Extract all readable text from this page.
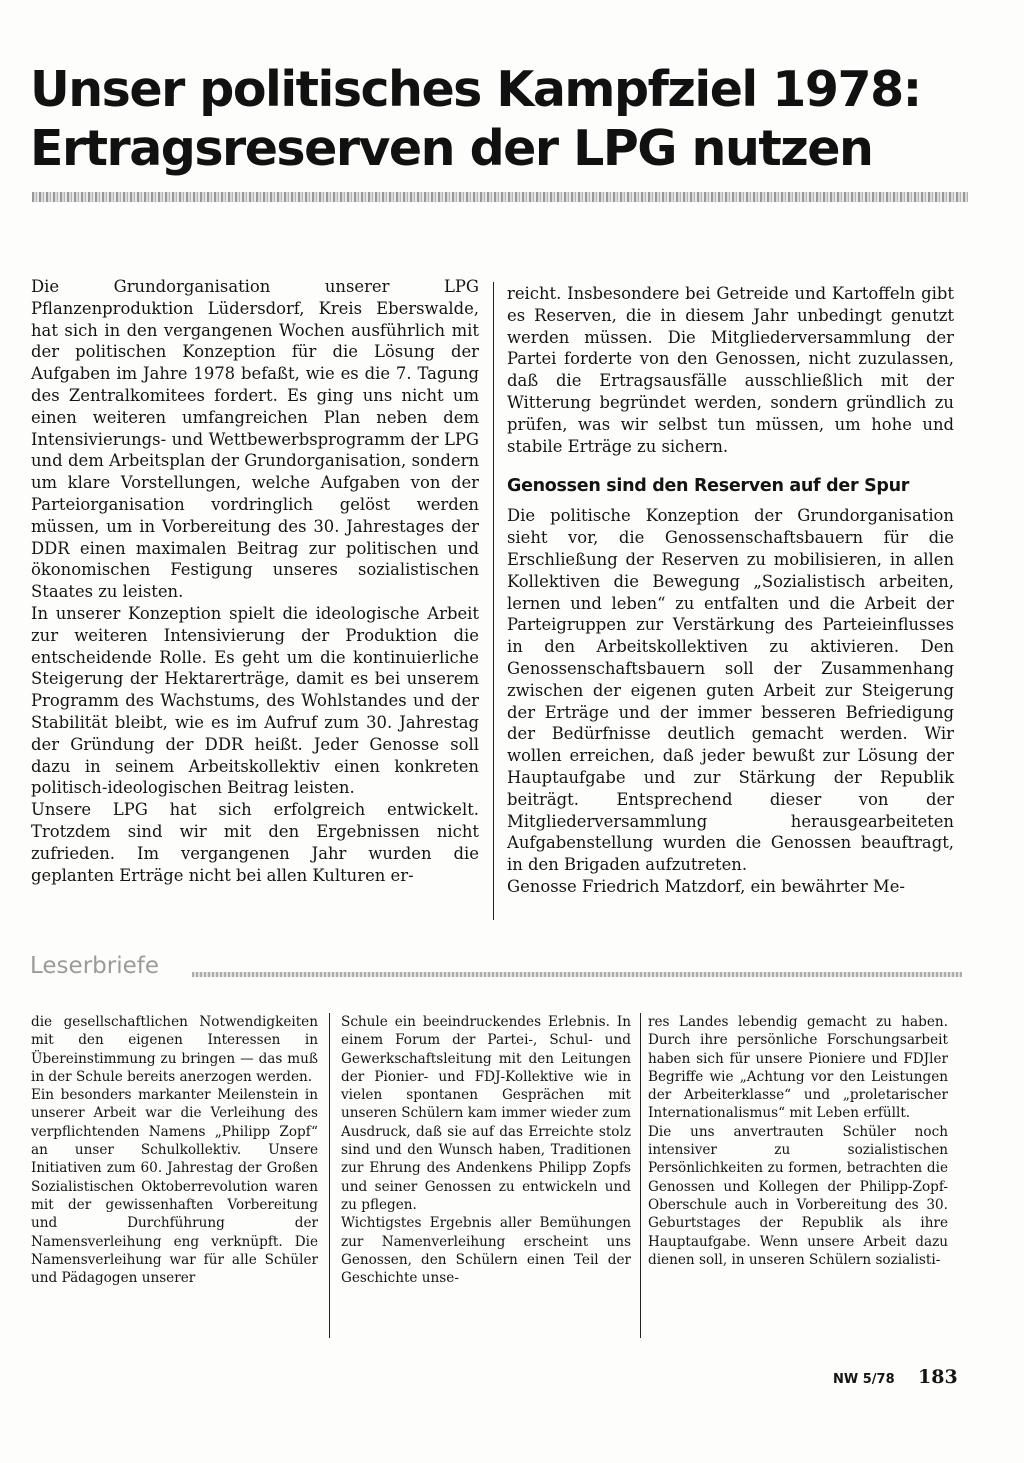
Unser politisches Kampfziel 1978: Ertragsreserven der LPG nutzen

Die Grundorganisation unserer LPG Pflanzenproduktion Lüdersdorf, Kreis Eberswalde, hat sich in den vergangenen Wochen ausführlich mit der politischen Konzeption für die Lösung der Aufgaben im Jahre 1978 befaßt, wie es die 7. Tagung des Zentralkomitees fordert. Es ging uns nicht um einen weiteren umfangreichen Plan neben dem Intensivierungs- und Wettbewerbsprogramm der LPG und dem Arbeitsplan der Grundorganisation, sondern um klare Vorstellungen, welche Aufgaben von der Parteiorganisation vordringlich gelöst werden müssen, um in Vorbereitung des 30. Jahrestages der DDR einen maximalen Beitrag zur politischen und ökonomischen Festigung unseres sozialistischen Staates zu leisten.

In unserer Konzeption spielt die ideologische Arbeit zur weiteren Intensivierung der Produktion die entscheidende Rolle. Es geht um die kontinuierliche Steigerung der Hektarerträge, damit es bei unserem Programm des Wachstums, des Wohlstandes und der Stabilität bleibt, wie es im Aufruf zum 30. Jahrestag der Gründung der DDR heißt. Jeder Genosse soll dazu in seinem Arbeitskollektiv einen konkreten politisch-ideologischen Beitrag leisten.

Unsere LPG hat sich erfolgreich entwickelt. Trotzdem sind wir mit den Ergebnissen nicht zufrieden. Im vergangenen Jahr wurden die geplanten Erträge nicht bei allen Kulturen er-

reicht. Insbesondere bei Getreide und Kartoffeln gibt es Reserven, die in diesem Jahr unbedingt genutzt werden müssen. Die Mitgliederversammlung der Partei forderte von den Genossen, nicht zuzulassen, daß die Ertragsausfälle ausschließlich mit der Witterung begründet werden, sondern gründlich zu prüfen, was wir selbst tun müssen, um hohe und stabile Erträge zu sichern.

Genossen sind den Reserven auf der Spur

Die politische Konzeption der Grundorganisation sieht vor, die Genossenschaftsbauern für die Erschließung der Reserven zu mobilisieren, in allen Kollektiven die Bewegung „Sozialistisch arbeiten, lernen und leben“ zu entfalten und die Arbeit der Parteigruppen zur Verstärkung des Parteieinflusses in den Arbeitskollektiven zu aktivieren. Den Genossenschaftsbauern soll der Zusammenhang zwischen der eigenen guten Arbeit zur Steigerung der Erträge und der immer besseren Befriedigung der Bedürfnisse deutlich gemacht werden. Wir wollen erreichen, daß jeder bewußt zur Lösung der Hauptaufgabe und zur Stärkung der Republik beiträgt. Entsprechend dieser von der Mitgliederversammlung herausgearbeiteten Aufgabenstellung wurden die Genossen beauftragt, in den Brigaden aufzutreten.

Genosse Friedrich Matzdorf, ein bewährter Me-

Leserbriefe

die gesellschaftlichen Notwendigkeiten mit den eigenen Interessen in Übereinstimmung zu bringen — das muß in der Schule bereits anerzogen werden.

Ein besonders markanter Meilenstein in unserer Arbeit war die Verleihung des verpflichtenden Namens „Philipp Zopf“ an unser Schulkollektiv. Unsere Initiativen zum 60. Jahrestag der Großen Sozialistischen Oktoberrevolution waren mit der gewissenhaften Vorbereitung und Durchführung der Namensverleihung eng verknüpft. Die Namensverleihung war für alle Schüler und Pädagogen unserer

Schule ein beeindruckendes Erlebnis. In einem Forum der Partei-, Schul- und Gewerkschaftsleitung mit den Leitungen der Pionier- und FDJ-Kollektive wie in vielen spontanen Gesprächen mit unseren Schülern kam immer wieder zum Ausdruck, daß sie auf das Erreichte stolz sind und den Wunsch haben, Traditionen zur Ehrung des Andenkens Philipp Zopfs und seiner Genossen zu entwickeln und zu pflegen.

Wichtigstes Ergebnis aller Bemühungen zur Namenverleihung erscheint uns Genossen, den Schülern einen Teil der Geschichte unse-

res Landes lebendig gemacht zu haben. Durch ihre persönliche Forschungsarbeit haben sich für unsere Pioniere und FDJler Begriffe wie „Achtung vor den Leistungen der Arbeiterklasse“ und „proletarischer Internationalismus“ mit Leben erfüllt.

Die uns anvertrauten Schüler noch intensiver zu sozialistischen Persönlichkeiten zu formen, betrachten die Genossen und Kollegen der Philipp-Zopf-Oberschule auch in Vorbereitung des 30. Geburtstages der Republik als ihre Hauptaufgabe. Wenn unsere Arbeit dazu dienen soll, in unseren Schülern sozialisti-

NW 5/78 183
